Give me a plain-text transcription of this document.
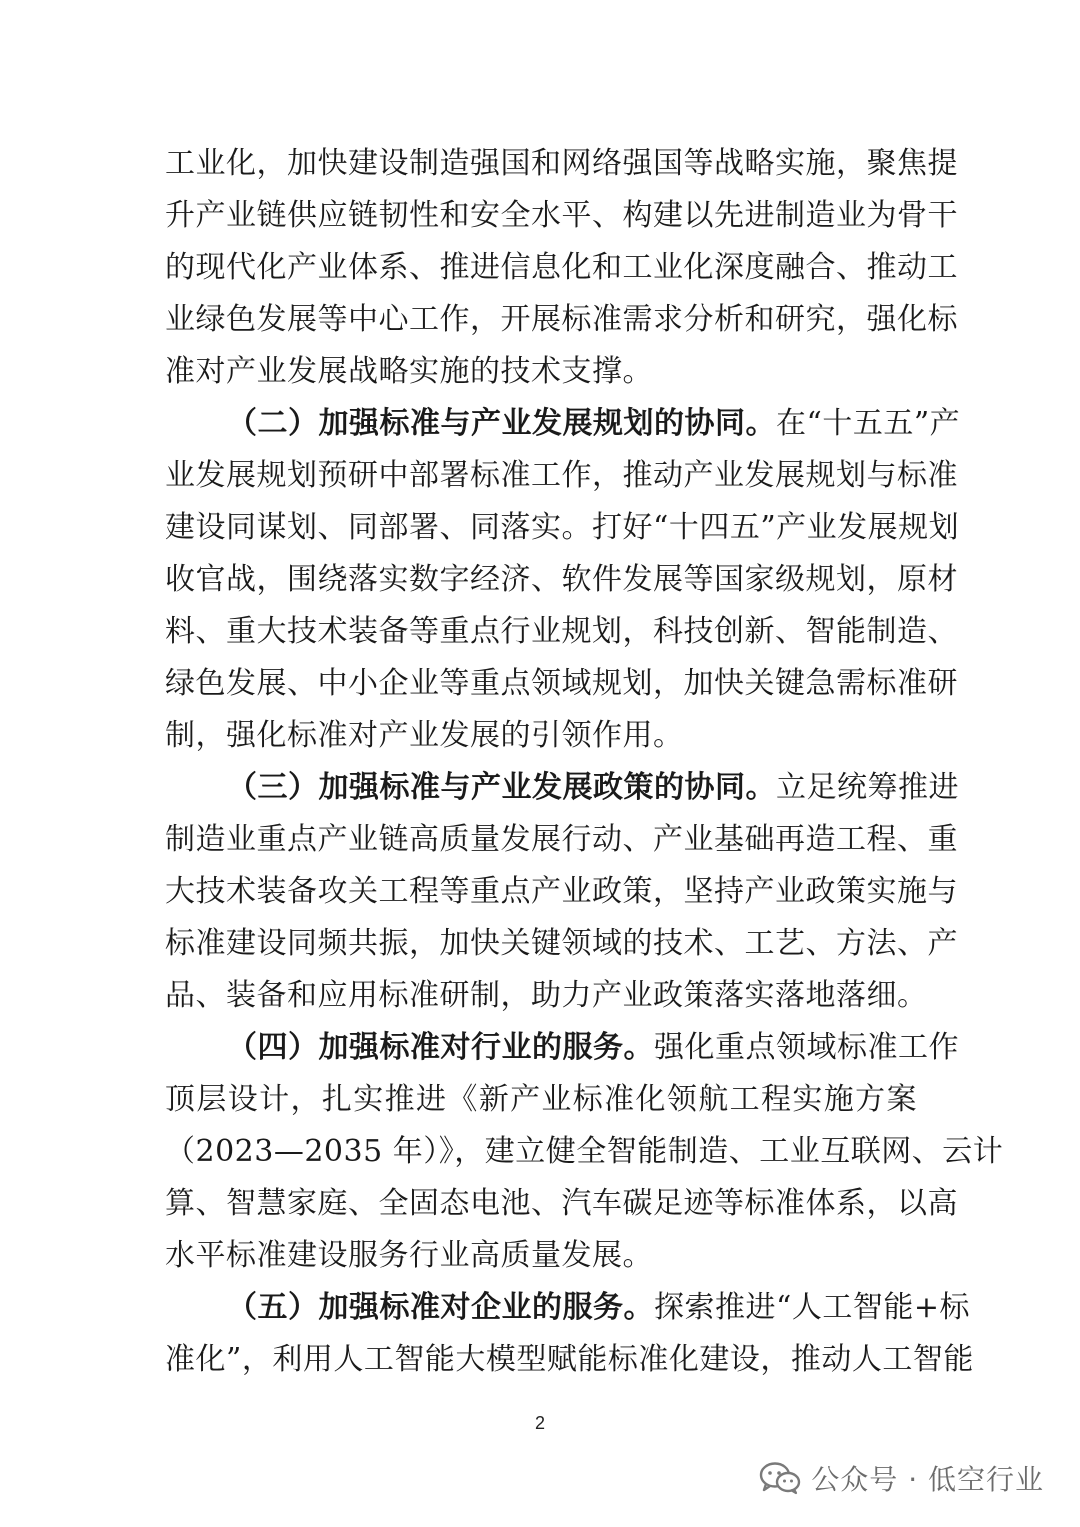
工业化，加快建设制造强国和网络强国等战略实施，聚焦提
升产业链供应链韧性和安全水平、构建以先进制造业为骨干
的现代化产业体系、推进信息化和工业化深度融合、推动工
业绿色发展等中心工作，开展标准需求分析和研究，强化标
准对产业发展战略实施的技术支撑。
（二）加强标准与产业发展规划的协同。在“十五五”产
业发展规划预研中部署标准工作，推动产业发展规划与标准
建设同谋划、同部署、同落实。打好“十四五”产业发展规划
收官战，围绕落实数字经济、软件发展等国家级规划，原材
料、重大技术装备等重点行业规划，科技创新、智能制造、
绿色发展、中小企业等重点领域规划，加快关键急需标准研
制，强化标准对产业发展的引领作用。
（三）加强标准与产业发展政策的协同。立足统筹推进
制造业重点产业链高质量发展行动、产业基础再造工程、重
大技术装备攻关工程等重点产业政策，坚持产业政策实施与
标准建设同频共振，加快关键领域的技术、工艺、方法、产
品、装备和应用标准研制，助力产业政策落实落地落细。
（四）加强标准对行业的服务。强化重点领域标准工作
顶层设计，扎实推进《新产业标准化领航工程实施方案
（2023—2035 年）》，建立健全智能制造、工业互联网、云计
算、智慧家庭、全固态电池、汽车碳足迹等标准体系，以高
水平标准建设服务行业高质量发展。
（五）加强标准对企业的服务。探索推进“人工智能+标
准化”，利用人工智能大模型赋能标准化建设，推动人工智能
2
公众号 · 低空行业
